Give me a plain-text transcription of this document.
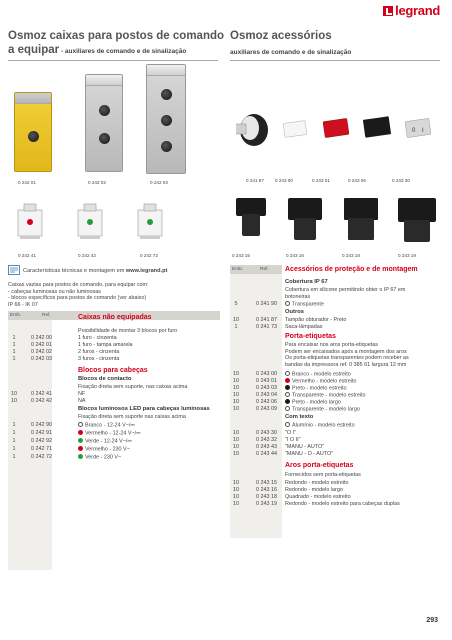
legrand
Osmoz caixas para postos de comando
a equipar - auxiliares de comando e de sinalização
Osmoz acessórios
auxiliares de comando e de sinalização
0 242 01	0 242 02	0 242 03
0 242 41	0 242 42	0 242 72
0 I
0 241 87 0 243 00	0 243 01	0 243 06	0 243 30
0 243 15	0 243 16	0 243 18	0 243 19
Características técnicas e montagem em www.legrand.pt
Caixas vazias para postos de comando, para equipar com:
- cabeças luminosas ou não luminosas
- blocos específicos para postos de comando (ver abaixo)
IP 66 - IK 07
Emb.	Ref.	Caixas não equipadas
Possibilidade de montar 3 blocos por furo
1	0 242 00	1 furo - cinzenta
1	0 242 01	1 furo - tampa amarela
1	0 242 02	2 furos - cinzenta
1	0 242 03	3 furos - cinzenta
Blocos para cabeças
Blocos de contacto
Fixação direta sem suporte, nas caixas acima
10	0 242 41	NF
10	0 242 42	NA
Blocos luminosos LED para cabeças luminosas
Fixação direta sem suporte nas caixas acima
1	0 242 90	Branco - 12-24 V~/⎓
1	0 242 91	Vermelho - 12-24 V~/⎓
1	0 242 92	Verde - 12-24 V~/⎓
1	0 242 71	Vermelho - 230 V~
1	0 242 72	Verde - 230 V~
Emb.	Ref. Acessórios de proteção e de montagem
Cobertura IP 67
Cobertura em silicone permitindo obter o IP 67 em botoneiras
5	0 241 90	Transparente
Outros
10	0 241 87 Tampão obturador - Preto
1	0 241 73 Saca-lâmpadas
Porta-etiquetas
Para encaixar nos aros porta-etiquetas
Podem ser encaixados após a montagem dos aros
Os porta-etiquetas transparentes podem receber as
bandas da impressora ref. 0 385 61 largura 12 mm
10	0 243 00	Branco - modelo estreito
10	0 243 01	Vermelho - modelo estreito
10	0 243 03	Preto - modelo estreito
10	0 243 04	Transparente - modelo estreito
10	0 243 06	Preto - modelo largo
10	0 243 09	Transparente - modelo largo
Com texto
Alumínio - modelo estreito
10	0 243 30 "O I"
10	0 243 32 "I O II"
10	0 243 43 "MANU - AUTO"
10	0 243 44 "MANU - O - AUTO"
Aros porta-etiquetas
Fornecidos sem porta-etiquetas
10	0 243 15 Redondo - modelo estreito
10	0 243 16 Redondo - modelo largo
10	0 243 18 Quadrado - modelo estreito
10	0 243 19 Redondo - modelo estreito para cabeças duplas
293
